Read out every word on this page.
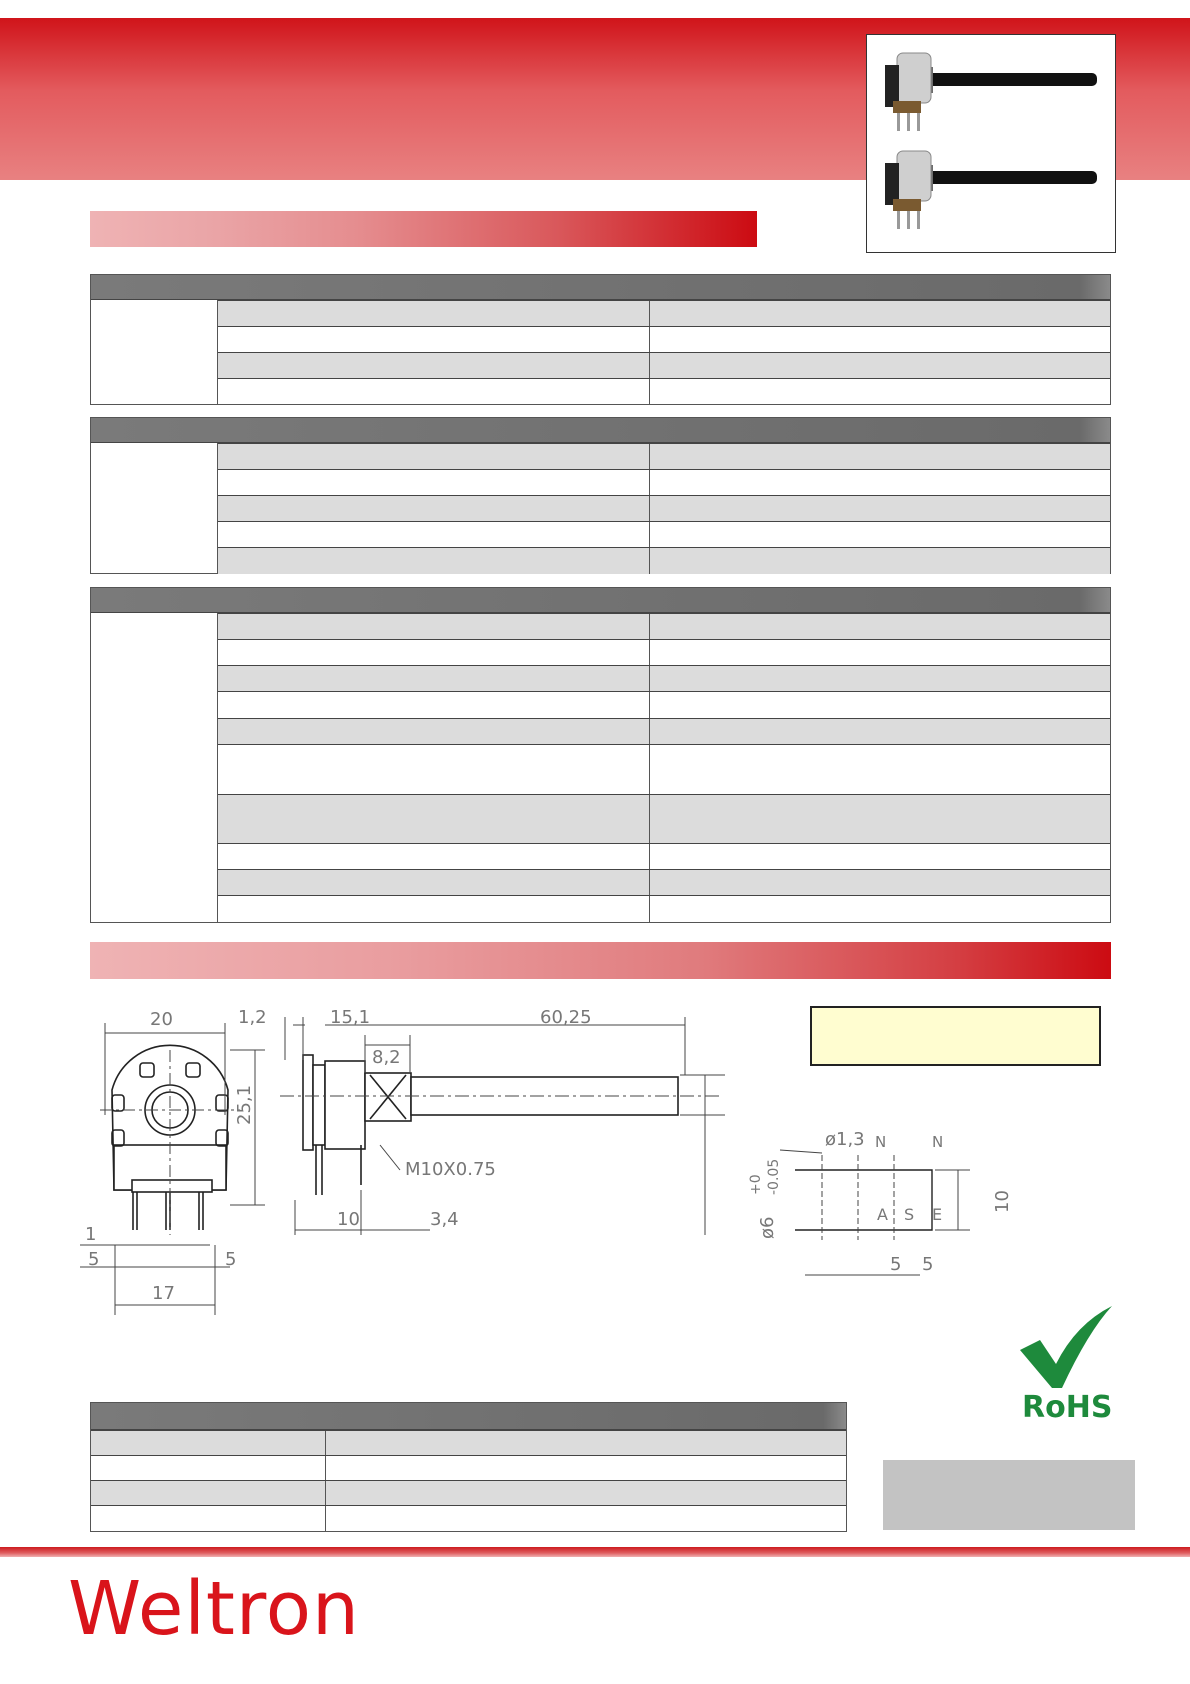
20
25,1
1
5	5
17
1,2	15,1	60,25
8,2
M10X0.75
10	3,4	ø6
+0 -0.05
ø1,3 N	N
A S E
10
5 5
RoHS
Weltron
